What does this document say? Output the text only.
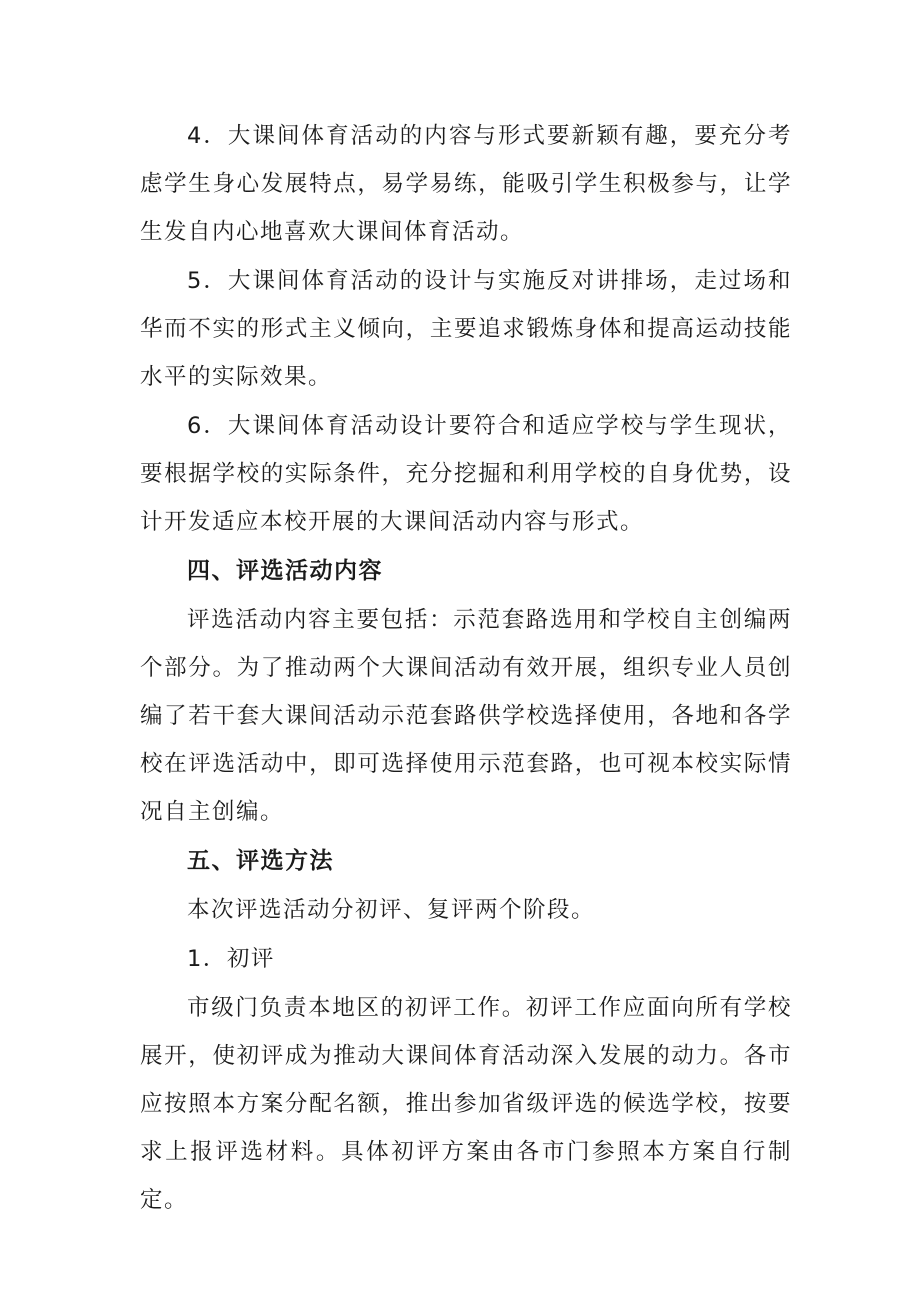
4．大课间体育活动的内容与形式要新颖有趣，要充分考虑学生身心发展特点，易学易练，能吸引学生积极参与，让学生发自内心地喜欢大课间体育活动。

5．大课间体育活动的设计与实施反对讲排场，走过场和华而不实的形式主义倾向，主要追求锻炼身体和提高运动技能水平的实际效果。

6．大课间体育活动设计要符合和适应学校与学生现状，要根据学校的实际条件，充分挖掘和利用学校的自身优势，设计开发适应本校开展的大课间活动内容与形式。

四、评选活动内容

评选活动内容主要包括：示范套路选用和学校自主创编两个部分。为了推动两个大课间活动有效开展，组织专业人员创编了若干套大课间活动示范套路供学校选择使用，各地和各学校在评选活动中，即可选择使用示范套路，也可视本校实际情况自主创编。

五、评选方法

本次评选活动分初评、复评两个阶段。

1．初评

市级门负责本地区的初评工作。初评工作应面向所有学校展开，使初评成为推动大课间体育活动深入发展的动力。各市应按照本方案分配名额，推出参加省级评选的候选学校，按要求上报评选材料。具体初评方案由各市门参照本方案自行制定。
